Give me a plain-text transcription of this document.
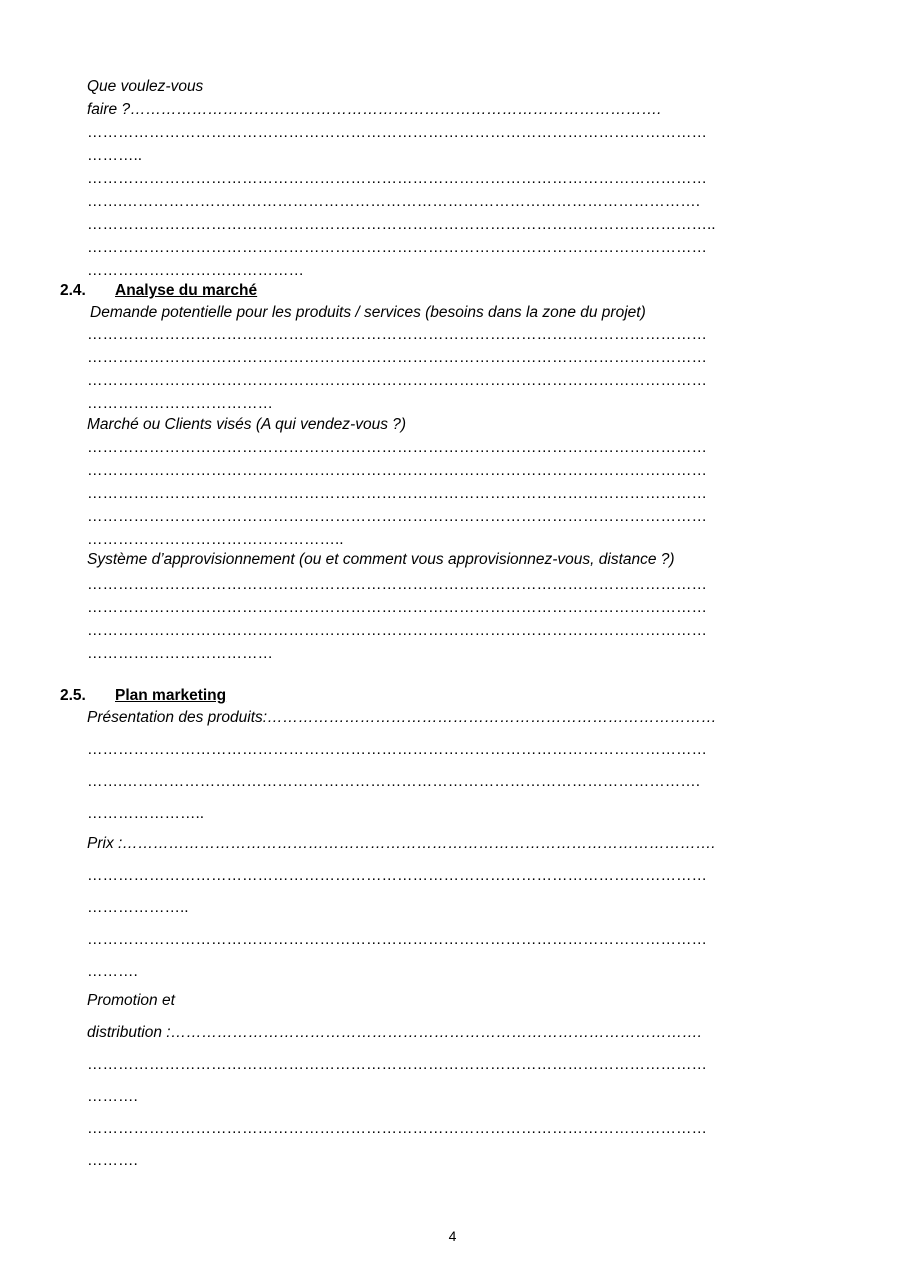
Que voulez-vous
faire ?………………………………………………………………………………………….
…………………………………………………………………………………………………………
………..
…………………………………………………………………………………………………………
…….………………………………………………………………………………………………….
…………………………………………………………………………………………………………..
…………………………………………………………………………………………………………
……………………………………
2.4. Analyse du marché
Demande potentielle pour les produits / services (besoins dans la zone du projet)
…………………………………………………………………………………………………………
…………………………………………………………………………………………………………
…………………………………………………………………………………………………………
………………………………
Marché ou Clients visés (A qui vendez-vous ?)
…………………………………………………………………………………………………………
…………………………………………………………………………………………………………
…………………………………………………………………………………………………………
…………………………………………………………………………………………………………
…………………………………………..
Système d’approvisionnement (ou et comment vous approvisionnez-vous, distance ?)
…………………………………………………………………………………………………………
…………………………………………………………………………………………………………
…………………………………………………………………………………………………………
………………………………
2.5. Plan marketing
Présentation des produits:……………………………………………………………………………
…………………………………………………………………………………………………………
…….………………………………………………………………………………………………….
…………………..
Prix :…………………………………………………………………………………………………….
…………………………………………………………………………………………………………
………………..
…………………………………………………………………………………………………………
……….
Promotion et
distribution :………………………………………………………………………………………….
…………………………………………………………………………………………………………
……….
…………………………………………………………………………………………………………
……….
4
